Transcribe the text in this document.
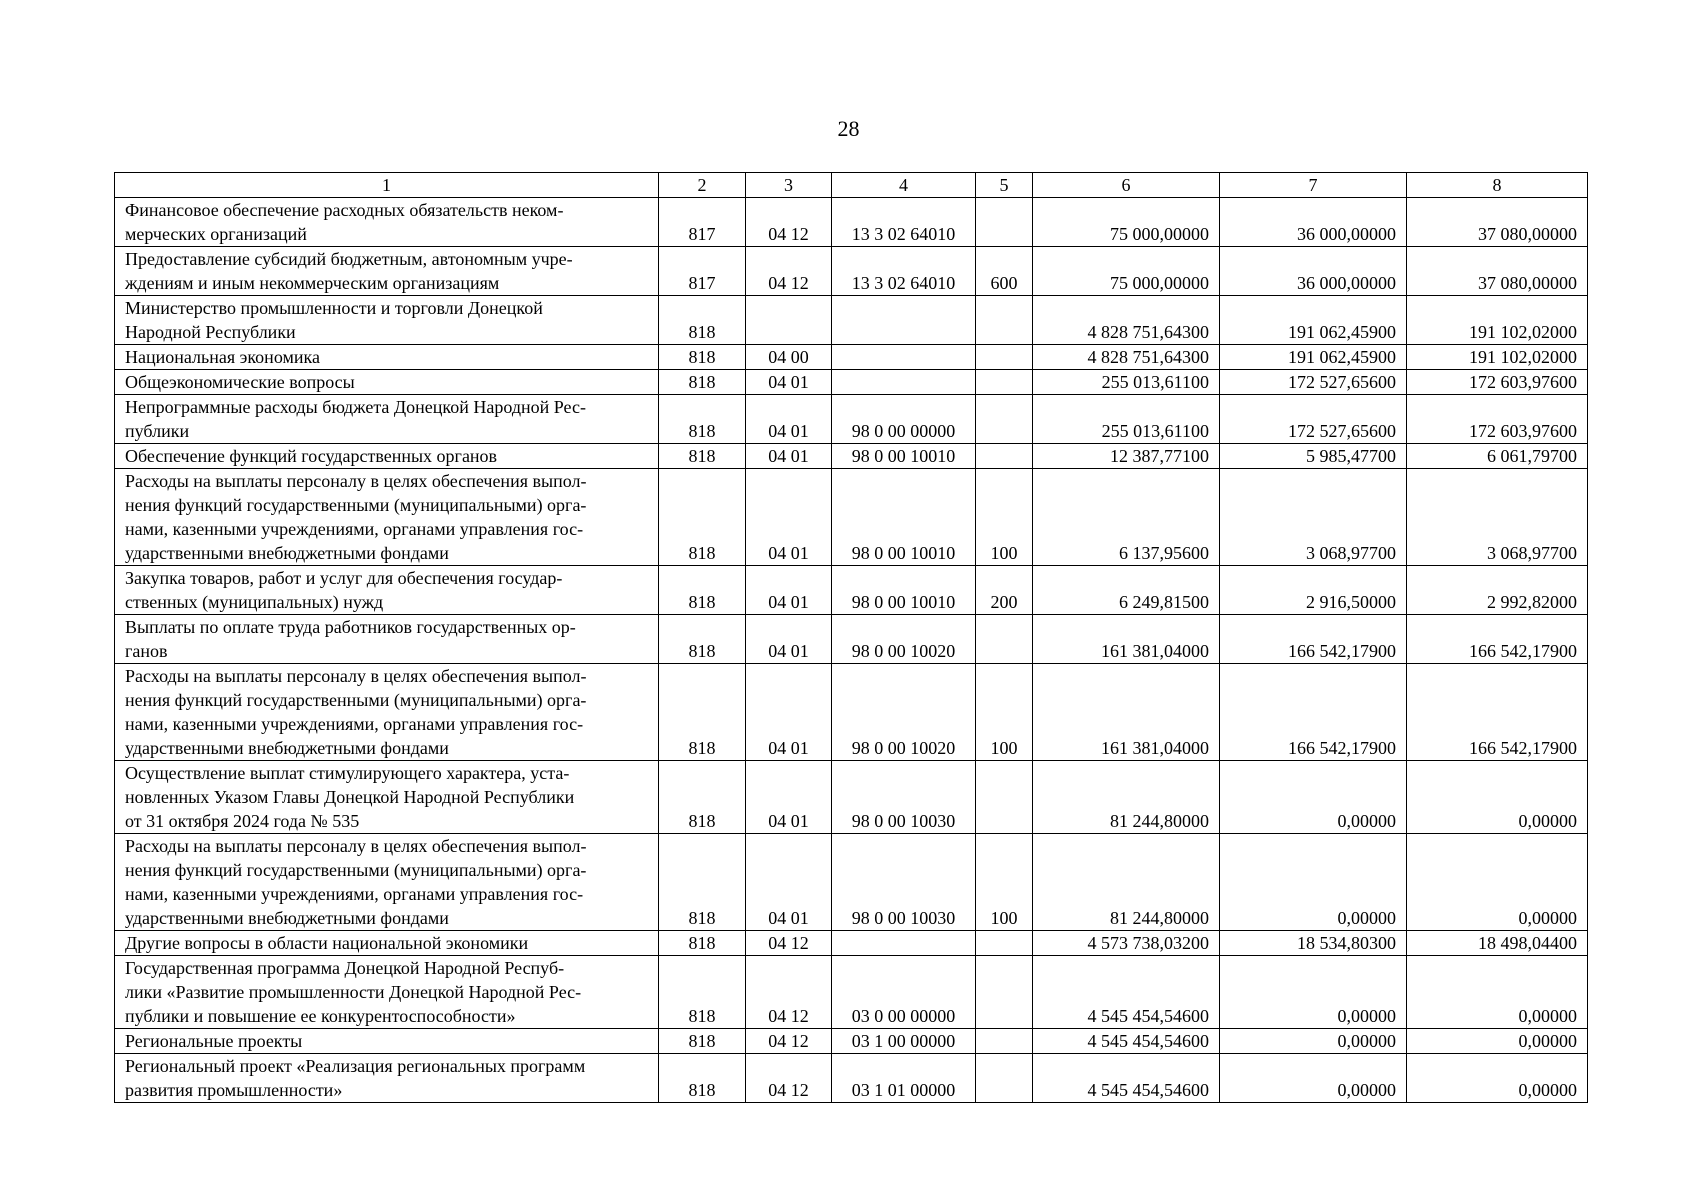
28
1	2	3	4	5	6	7	8
Финансовое обеспечение расходных обязательств неком-
мерческих организаций	817	04 12	13 3 02 64010		75 000,00000	36 000,00000	37 080,00000
Предоставление субсидий бюджетным, автономным учре-
ждениям и иным некоммерческим организациям	817	04 12	13 3 02 64010	600	75 000,00000	36 000,00000	37 080,00000
Министерство промышленности и торговли Донецкой
Народной Республики	818				4 828 751,64300	191 062,45900	191 102,02000
Национальная экономика	818	04 00			4 828 751,64300	191 062,45900	191 102,02000
Общеэкономические вопросы	818	04 01			255 013,61100	172 527,65600	172 603,97600
Непрограммные расходы бюджета Донецкой Народной Рес-
публики	818	04 01	98 0 00 00000		255 013,61100	172 527,65600	172 603,97600
Обеспечение функций государственных органов	818	04 01	98 0 00 10010		12 387,77100	5 985,47700	6 061,79700
Расходы на выплаты персоналу в целях обеспечения выпол-
нения функций государственными (муниципальными) орга-
нами, казенными учреждениями, органами управления гос-
ударственными внебюджетными фондами	818	04 01	98 0 00 10010	100	6 137,95600	3 068,97700	3 068,97700
Закупка товаров, работ и услуг для обеспечения государ-
ственных (муниципальных) нужд	818	04 01	98 0 00 10010	200	6 249,81500	2 916,50000	2 992,82000
Выплаты по оплате труда работников государственных ор-
ганов	818	04 01	98 0 00 10020		161 381,04000	166 542,17900	166 542,17900
Расходы на выплаты персоналу в целях обеспечения выпол-
нения функций государственными (муниципальными) орга-
нами, казенными учреждениями, органами управления гос-
ударственными внебюджетными фондами	818	04 01	98 0 00 10020	100	161 381,04000	166 542,17900	166 542,17900
Осуществление выплат стимулирующего характера, уста-
новленных Указом Главы Донецкой Народной Республики
от 31 октября 2024 года № 535	818	04 01	98 0 00 10030		81 244,80000	0,00000	0,00000
Расходы на выплаты персоналу в целях обеспечения выпол-
нения функций государственными (муниципальными) орга-
нами, казенными учреждениями, органами управления гос-
ударственными внебюджетными фондами	818	04 01	98 0 00 10030	100	81 244,80000	0,00000	0,00000
Другие вопросы в области национальной экономики	818	04 12			4 573 738,03200	18 534,80300	18 498,04400
Государственная программа Донецкой Народной Респуб-
лики «Развитие промышленности Донецкой Народной Рес-
публики и повышение ее конкурентоспособности»	818	04 12	03 0 00 00000		4 545 454,54600	0,00000	0,00000
Региональные проекты	818	04 12	03 1 00 00000		4 545 454,54600	0,00000	0,00000
Региональный проект «Реализация региональных программ
развития промышленности»	818	04 12	03 1 01 00000		4 545 454,54600	0,00000	0,00000
